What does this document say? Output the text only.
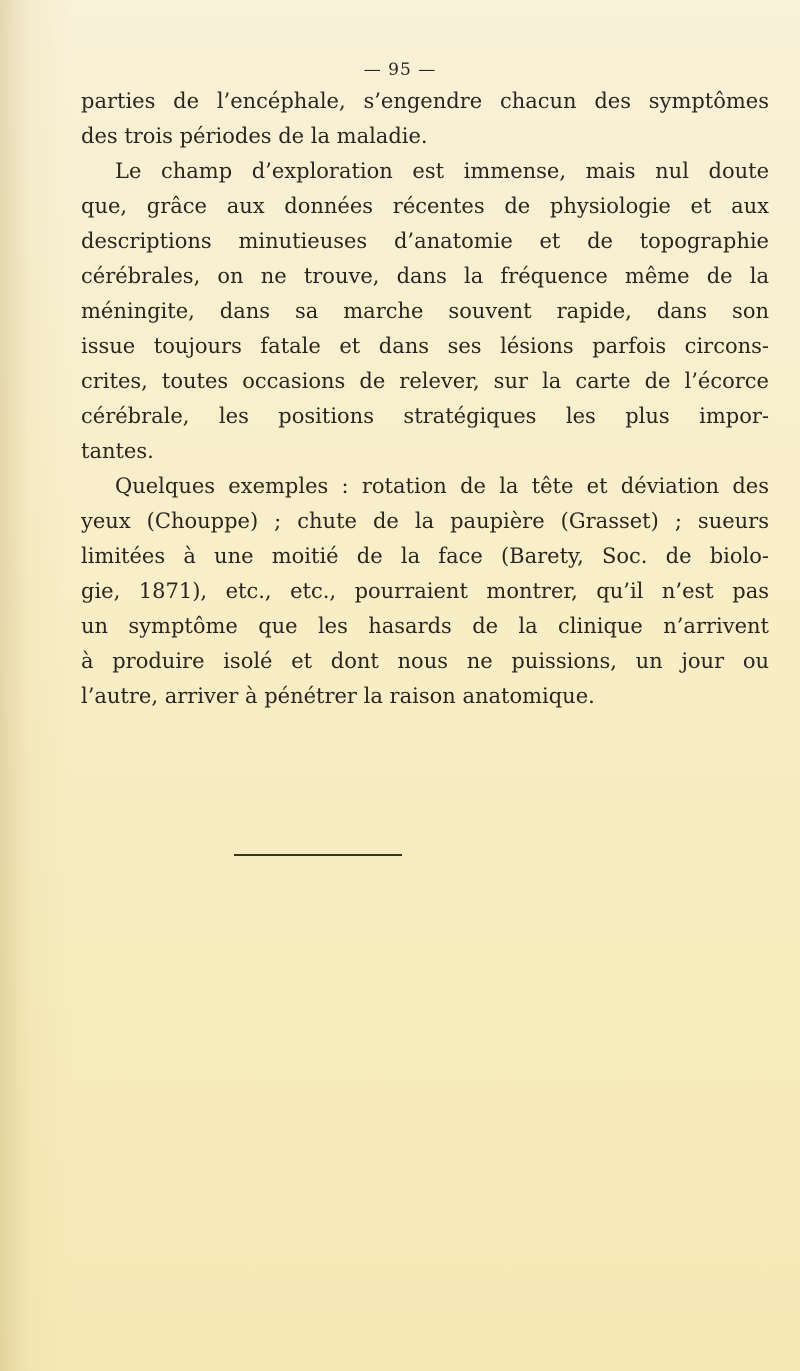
— 95 —
parties de l’encéphale, s’engendre chacun des symptômes
des trois périodes de la maladie.
Le champ d’exploration est immense, mais nul doute
que, grâce aux données récentes de physiologie et aux
descriptions minutieuses d’anatomie et de topographie
cérébrales, on ne trouve, dans la fréquence même de la
méningite, dans sa marche souvent rapide, dans son
issue toujours fatale et dans ses lésions parfois circons-
crites, toutes occasions de relever, sur la carte de l’écorce
cérébrale, les positions stratégiques les plus impor-
tantes.
Quelques exemples : rotation de la tête et déviation des
yeux (Chouppe) ; chute de la paupière (Grasset) ; sueurs
limitées à une moitié de la face (Barety, Soc. de biolo-
gie, 1871), etc., etc., pourraient montrer, qu’il n’est pas
un symptôme que les hasards de la clinique n’arrivent
à produire isolé et dont nous ne puissions, un jour ou
l’autre, arriver à pénétrer la raison anatomique.
